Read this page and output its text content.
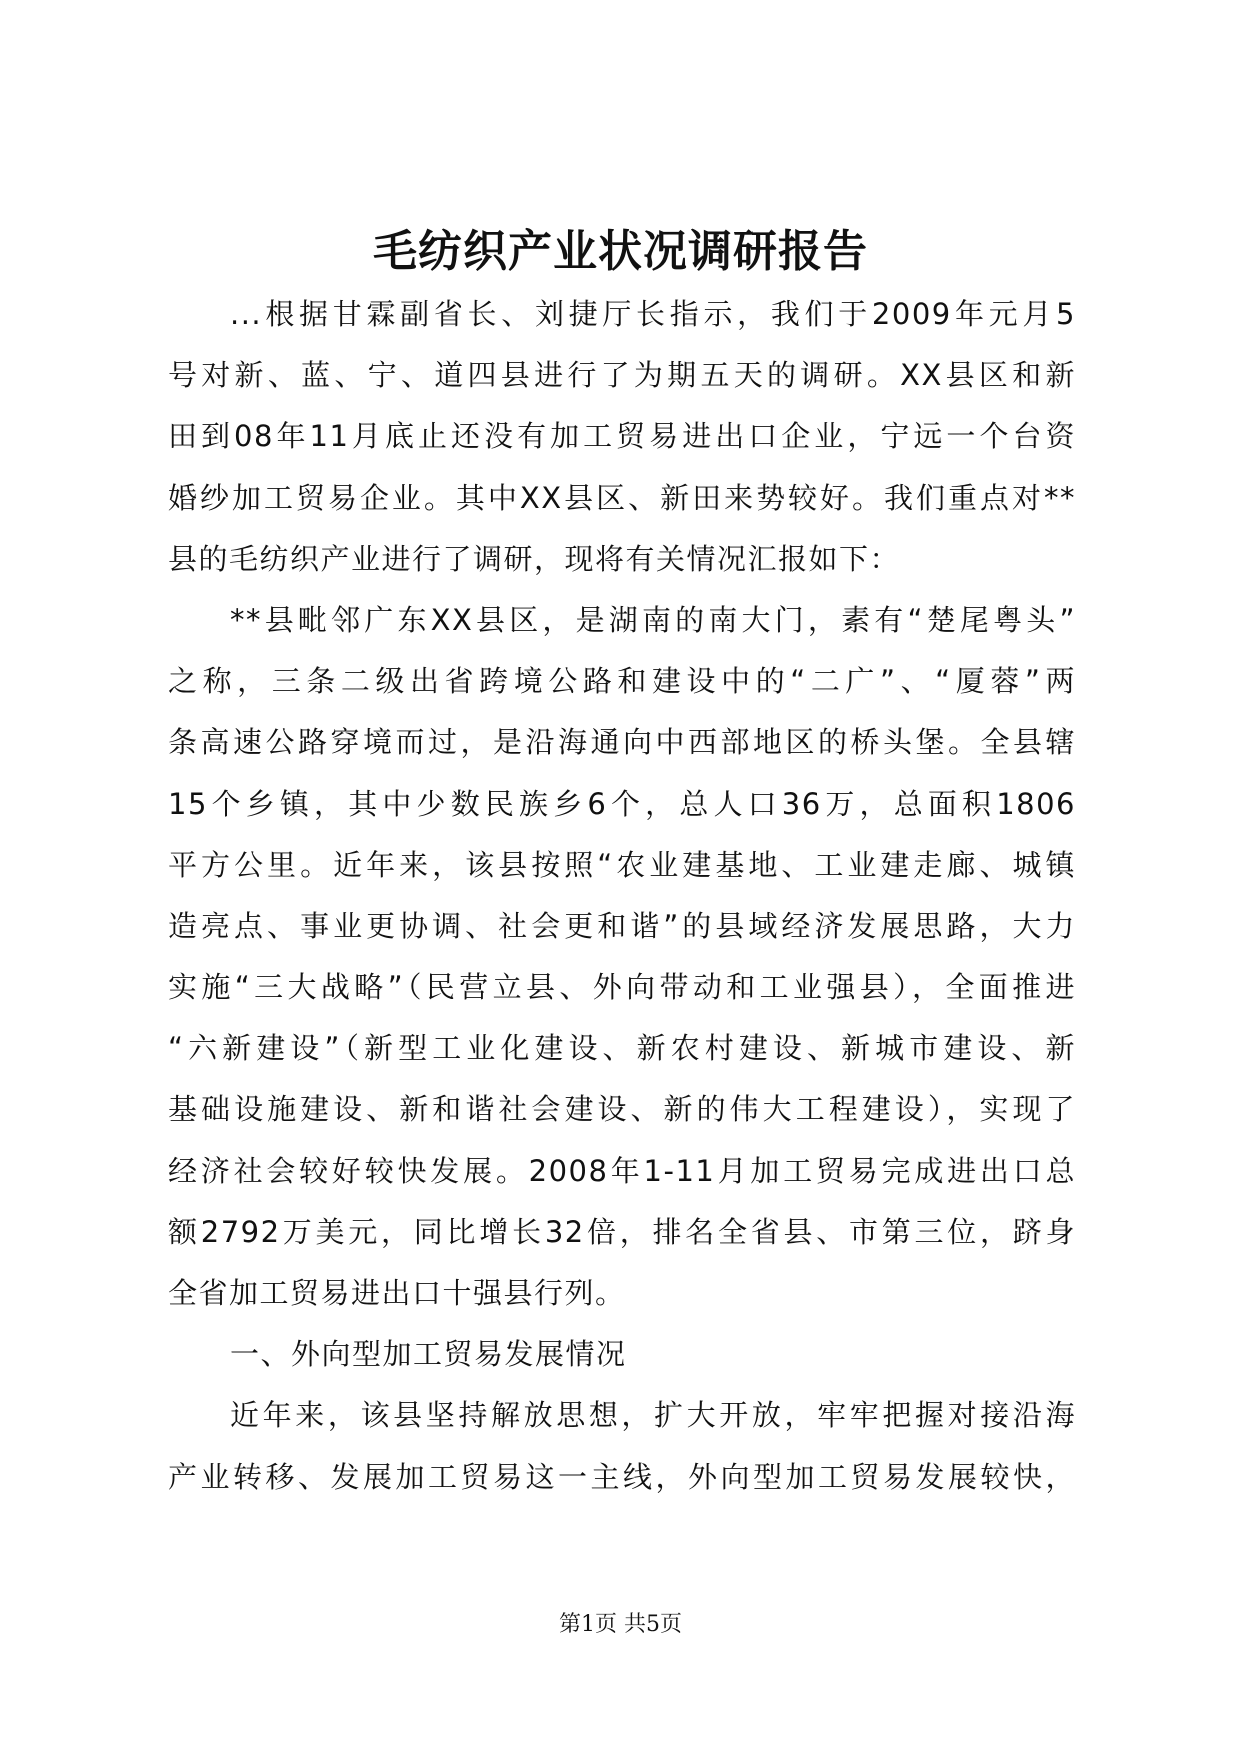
毛纺织产业状况调研报告
...根据甘霖副省长、刘捷厅长指示，我们于2009年元月5
号对新、蓝、宁、道四县进行了为期五天的调研。XX县区和新
田到08年11月底止还没有加工贸易进出口企业，宁远一个台资
婚纱加工贸易企业。其中XX县区、新田来势较好。我们重点对**
县的毛纺织产业进行了调研，现将有关情况汇报如下：
**县毗邻广东XX县区，是湖南的南大门，素有“楚尾粤头”
之称，三条二级出省跨境公路和建设中的“二广”、“厦蓉”两
条高速公路穿境而过，是沿海通向中西部地区的桥头堡。全县辖
15个乡镇，其中少数民族乡6个，总人口36万，总面积1806
平方公里。近年来，该县按照“农业建基地、工业建走廊、城镇
造亮点、事业更协调、社会更和谐”的县域经济发展思路，大力
实施“三大战略”（民营立县、外向带动和工业强县），全面推进
“六新建设”（新型工业化建设、新农村建设、新城市建设、新
基础设施建设、新和谐社会建设、新的伟大工程建设），实现了
经济社会较好较快发展。2008年1-11月加工贸易完成进出口总
额2792万美元，同比增长32倍，排名全省县、市第三位，跻身
全省加工贸易进出口十强县行列。
一、外向型加工贸易发展情况
近年来，该县坚持解放思想，扩大开放，牢牢把握对接沿海
产业转移、发展加工贸易这一主线，外向型加工贸易发展较快，
第1页 共5页
